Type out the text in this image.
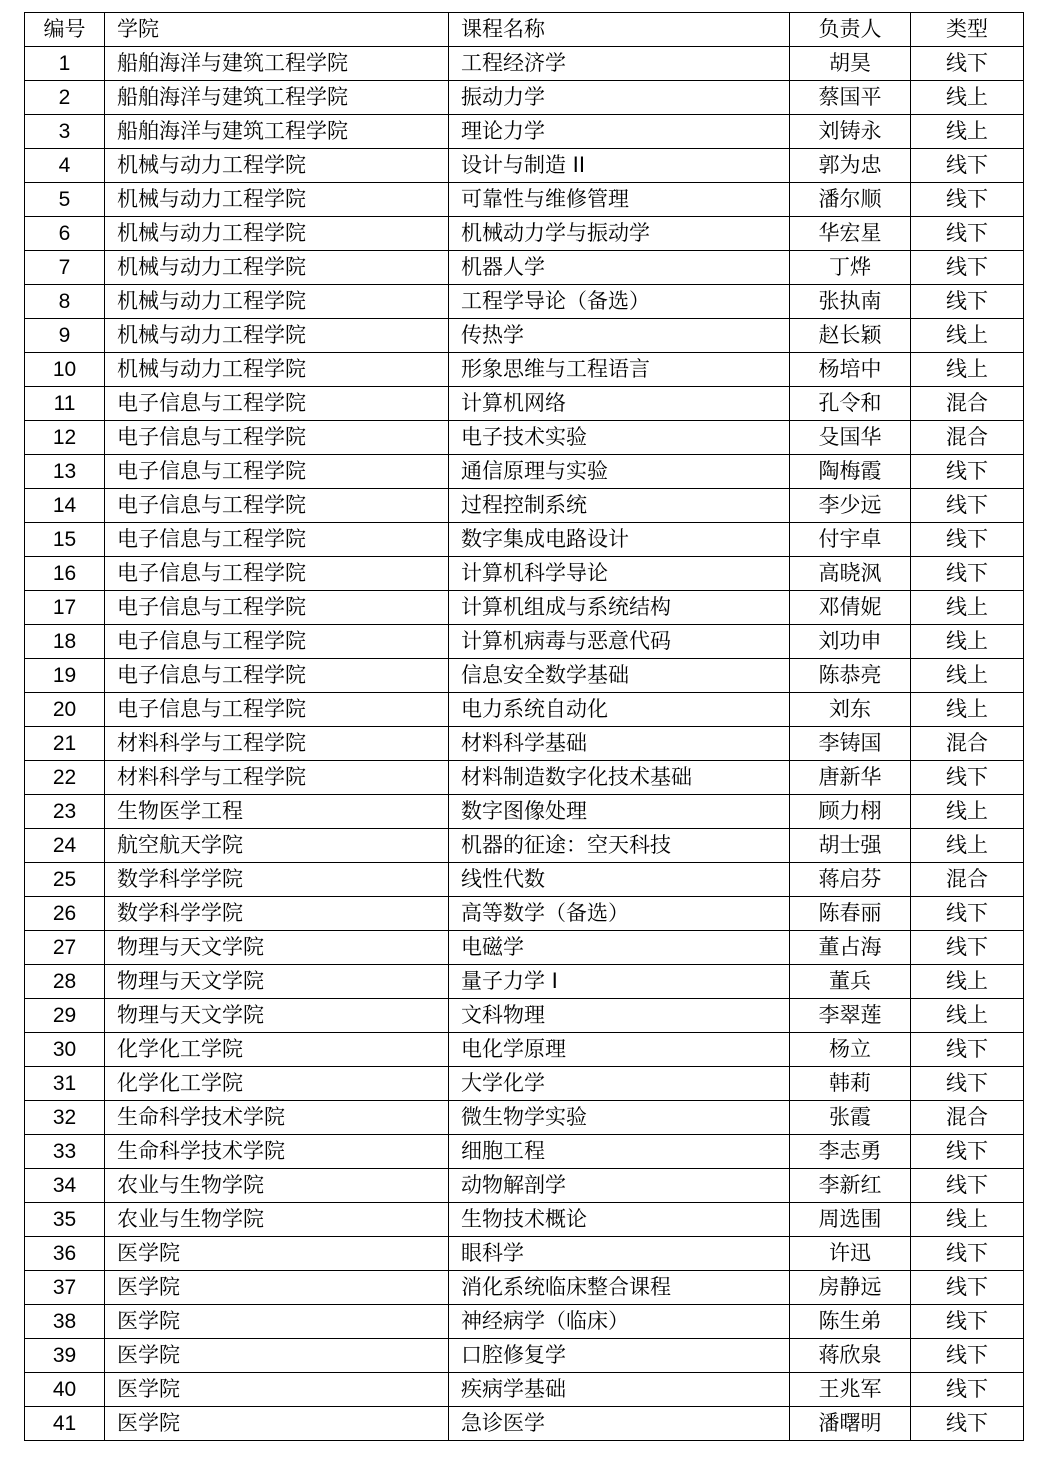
编号	学院	课程名称	负责人	类型
1	船舶海洋与建筑工程学院	工程经济学	胡昊	线下
2	船舶海洋与建筑工程学院	振动力学	蔡国平	线上
3	船舶海洋与建筑工程学院	理论力学	刘铸永	线上
4	机械与动力工程学院	设计与制造 II	郭为忠	线下
5	机械与动力工程学院	可靠性与维修管理	潘尔顺	线下
6	机械与动力工程学院	机械动力学与振动学	华宏星	线下
7	机械与动力工程学院	机器人学	丁烨	线下
8	机械与动力工程学院	工程学导论（备选）	张执南	线下
9	机械与动力工程学院	传热学	赵长颖	线上
10	机械与动力工程学院	形象思维与工程语言	杨培中	线上
11	电子信息与工程学院	计算机网络	孔令和	混合
12	电子信息与工程学院	电子技术实验	殳国华	混合
13	电子信息与工程学院	通信原理与实验	陶梅霞	线下
14	电子信息与工程学院	过程控制系统	李少远	线下
15	电子信息与工程学院	数字集成电路设计	付宇卓	线下
16	电子信息与工程学院	计算机科学导论	高晓沨	线下
17	电子信息与工程学院	计算机组成与系统结构	邓倩妮	线上
18	电子信息与工程学院	计算机病毒与恶意代码	刘功申	线上
19	电子信息与工程学院	信息安全数学基础	陈恭亮	线上
20	电子信息与工程学院	电力系统自动化	刘东	线上
21	材料科学与工程学院	材料科学基础	李铸国	混合
22	材料科学与工程学院	材料制造数字化技术基础	唐新华	线下
23	生物医学工程	数字图像处理	顾力栩	线上
24	航空航天学院	机器的征途：空天科技	胡士强	线上
25	数学科学学院	线性代数	蒋启芬	混合
26	数学科学学院	高等数学（备选）	陈春丽	线下
27	物理与天文学院	电磁学	董占海	线下
28	物理与天文学院	量子力学 I	董兵	线上
29	物理与天文学院	文科物理	李翠莲	线上
30	化学化工学院	电化学原理	杨立	线下
31	化学化工学院	大学化学	韩莉	线下
32	生命科学技术学院	微生物学实验	张霞	混合
33	生命科学技术学院	细胞工程	李志勇	线下
34	农业与生物学院	动物解剖学	李新红	线下
35	农业与生物学院	生物技术概论	周选围	线上
36	医学院	眼科学	许迅	线下
37	医学院	消化系统临床整合课程	房静远	线下
38	医学院	神经病学（临床）	陈生弟	线下
39	医学院	口腔修复学	蒋欣泉	线下
40	医学院	疾病学基础	王兆军	线下
41	医学院	急诊医学	潘曙明	线下
